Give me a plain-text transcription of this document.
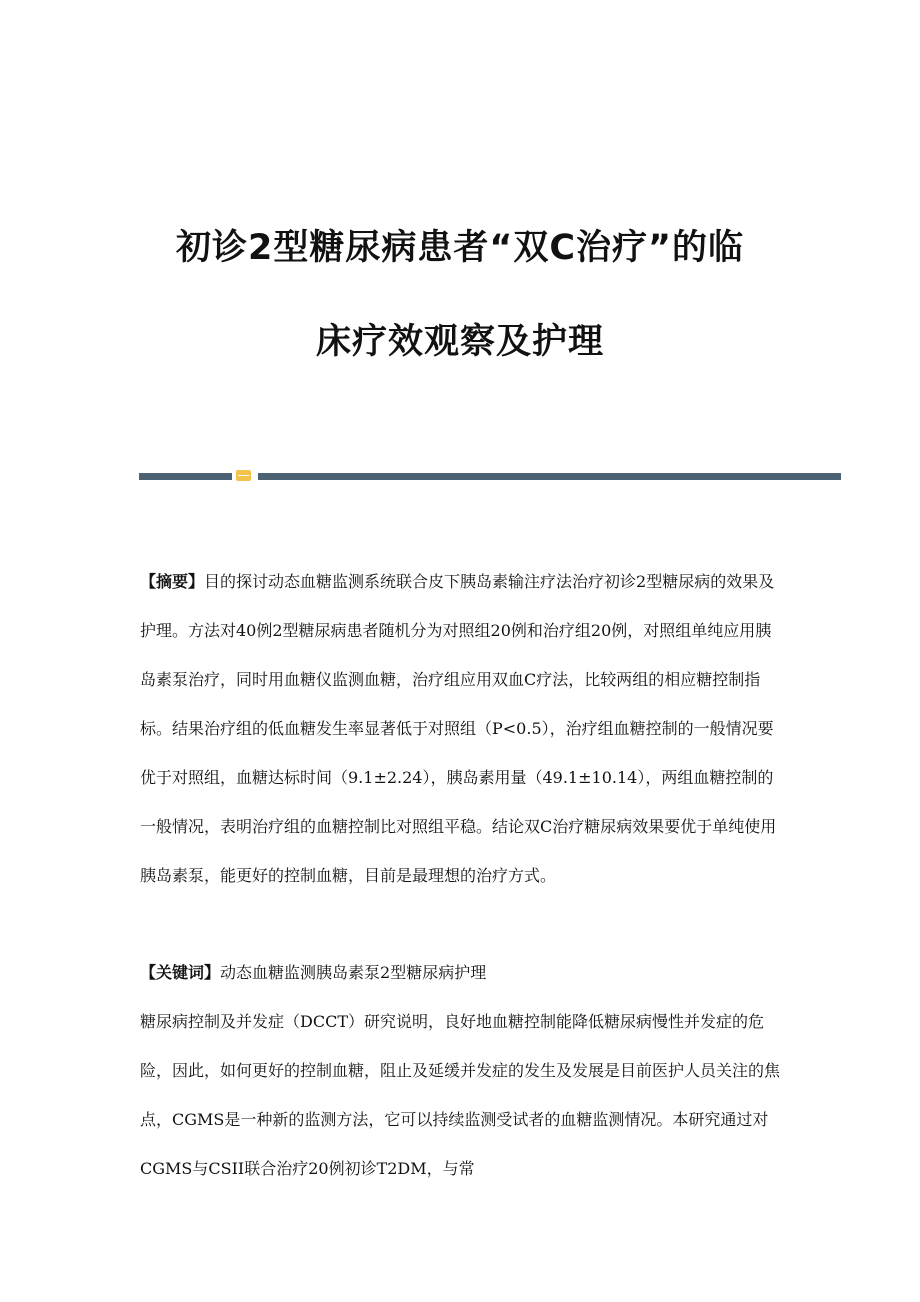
初诊2型糖尿病患者“双C治疗”的临
床疗效观察及护理

【摘要】目的探讨动态血糖监测系统联合皮下胰岛素输注疗法治疗初诊2型糖尿病的效果及护理。方法对40例2型糖尿病患者随机分为对照组20例和治疗组20例，对照组单纯应用胰岛素泵治疗，同时用血糖仪监测血糖，治疗组应用双血C疗法，比较两组的相应糖控制指标。结果治疗组的低血糖发生率显著低于对照组（P<0.5），治疗组血糖控制的一般情况要优于对照组，血糖达标时间（9.1±2.24），胰岛素用量（49.1±10.14），两组血糖控制的一般情况，表明治疗组的血糖控制比对照组平稳。结论双C治疗糖尿病效果要优于单纯使用胰岛素泵，能更好的控制血糖，目前是最理想的治疗方式。

【关键词】动态血糖监测胰岛素泵2型糖尿病护理

糖尿病控制及并发症（DCCT）研究说明，良好地血糖控制能降低糖尿病慢性并发症的危险，因此，如何更好的控制血糖，阻止及延缓并发症的发生及发展是目前医护人员关注的焦点，CGMS是一种新的监测方法，它可以持续监测受试者的血糖监测情况。本研究通过对CGMS与CSII联合治疗20例初诊T2DM，与常
